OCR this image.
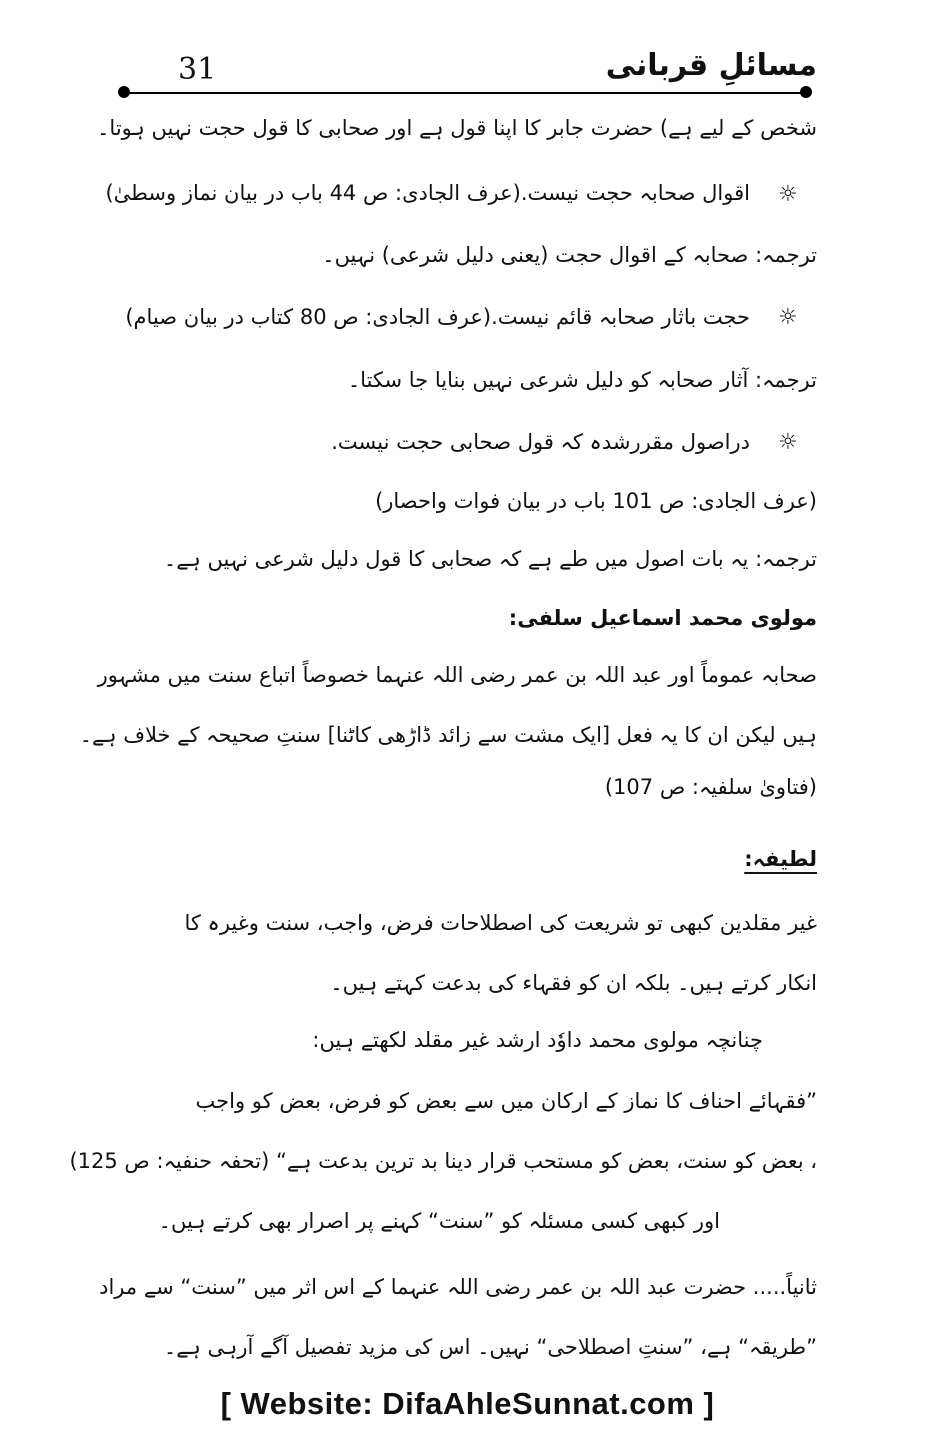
31	مسائلِ قربانی
شخص کے لیے ہے) حضرت جابر کا اپنا قول ہے اور صحابی کا قول حجت نہیں ہوتا۔
☼
اقوال صحابہ حجت نیست.(عرف الجادی: ص 44 باب در بیان نماز وسطیٰ)
ترجمہ: صحابہ کے اقوال حجت (یعنی دلیل شرعی) نہیں۔
☼
حجت باثار صحابہ قائم نیست.(عرف الجادی: ص 80 کتاب در بیان صیام)
ترجمہ: آثار صحابہ کو دلیل شرعی نہیں بنایا جا سکتا۔
☼
دراصول مقررشدہ کہ قول صحابی حجت نیست.
(عرف الجادی: ص 101 باب در بیان فوات واحصار)
ترجمہ: یہ بات اصول میں طے ہے کہ صحابی کا قول دلیل شرعی نہیں ہے۔
مولوی محمد اسماعیل سلفی:
صحابہ عموماً اور عبد اللہ بن عمر رضی اللہ عنہما خصوصاً اتباع سنت میں مشہور
ہیں لیکن ان کا یہ فعل [ایک مشت سے زائد ڈاڑھی کاٹنا] سنتِ صحیحہ کے خلاف ہے۔
(فتاویٰ سلفیہ: ص 107)
لطیفہ:
غیر مقلدین کبھی تو شریعت کی اصطلاحات فرض، واجب، سنت وغیرہ کا
انکار کرتے ہیں۔ بلکہ ان کو فقہاء کی بدعت کہتے ہیں۔
چنانچہ مولوی محمد داوٗد ارشد غیر مقلد لکھتے ہیں:
”فقہائے احناف کا نماز کے ارکان میں سے بعض کو فرض، بعض کو واجب
، بعض کو سنت، بعض کو مستحب قرار دینا بد ترین بدعت ہے“ (تحفہ حنفیہ: ص 125)
اور کبھی کسی مسئلہ کو ”سنت“ کہنے پر اصرار بھی کرتے ہیں۔
ثانیاً..... حضرت عبد اللہ بن عمر رضی اللہ عنہما کے اس اثر میں ”سنت“ سے مراد
”طریقہ“ ہے، ”سنتِ اصطلاحی“ نہیں۔ اس کی مزید تفصیل آگے آرہی ہے۔
[ Website: DifaAhleSunnat.com ]
